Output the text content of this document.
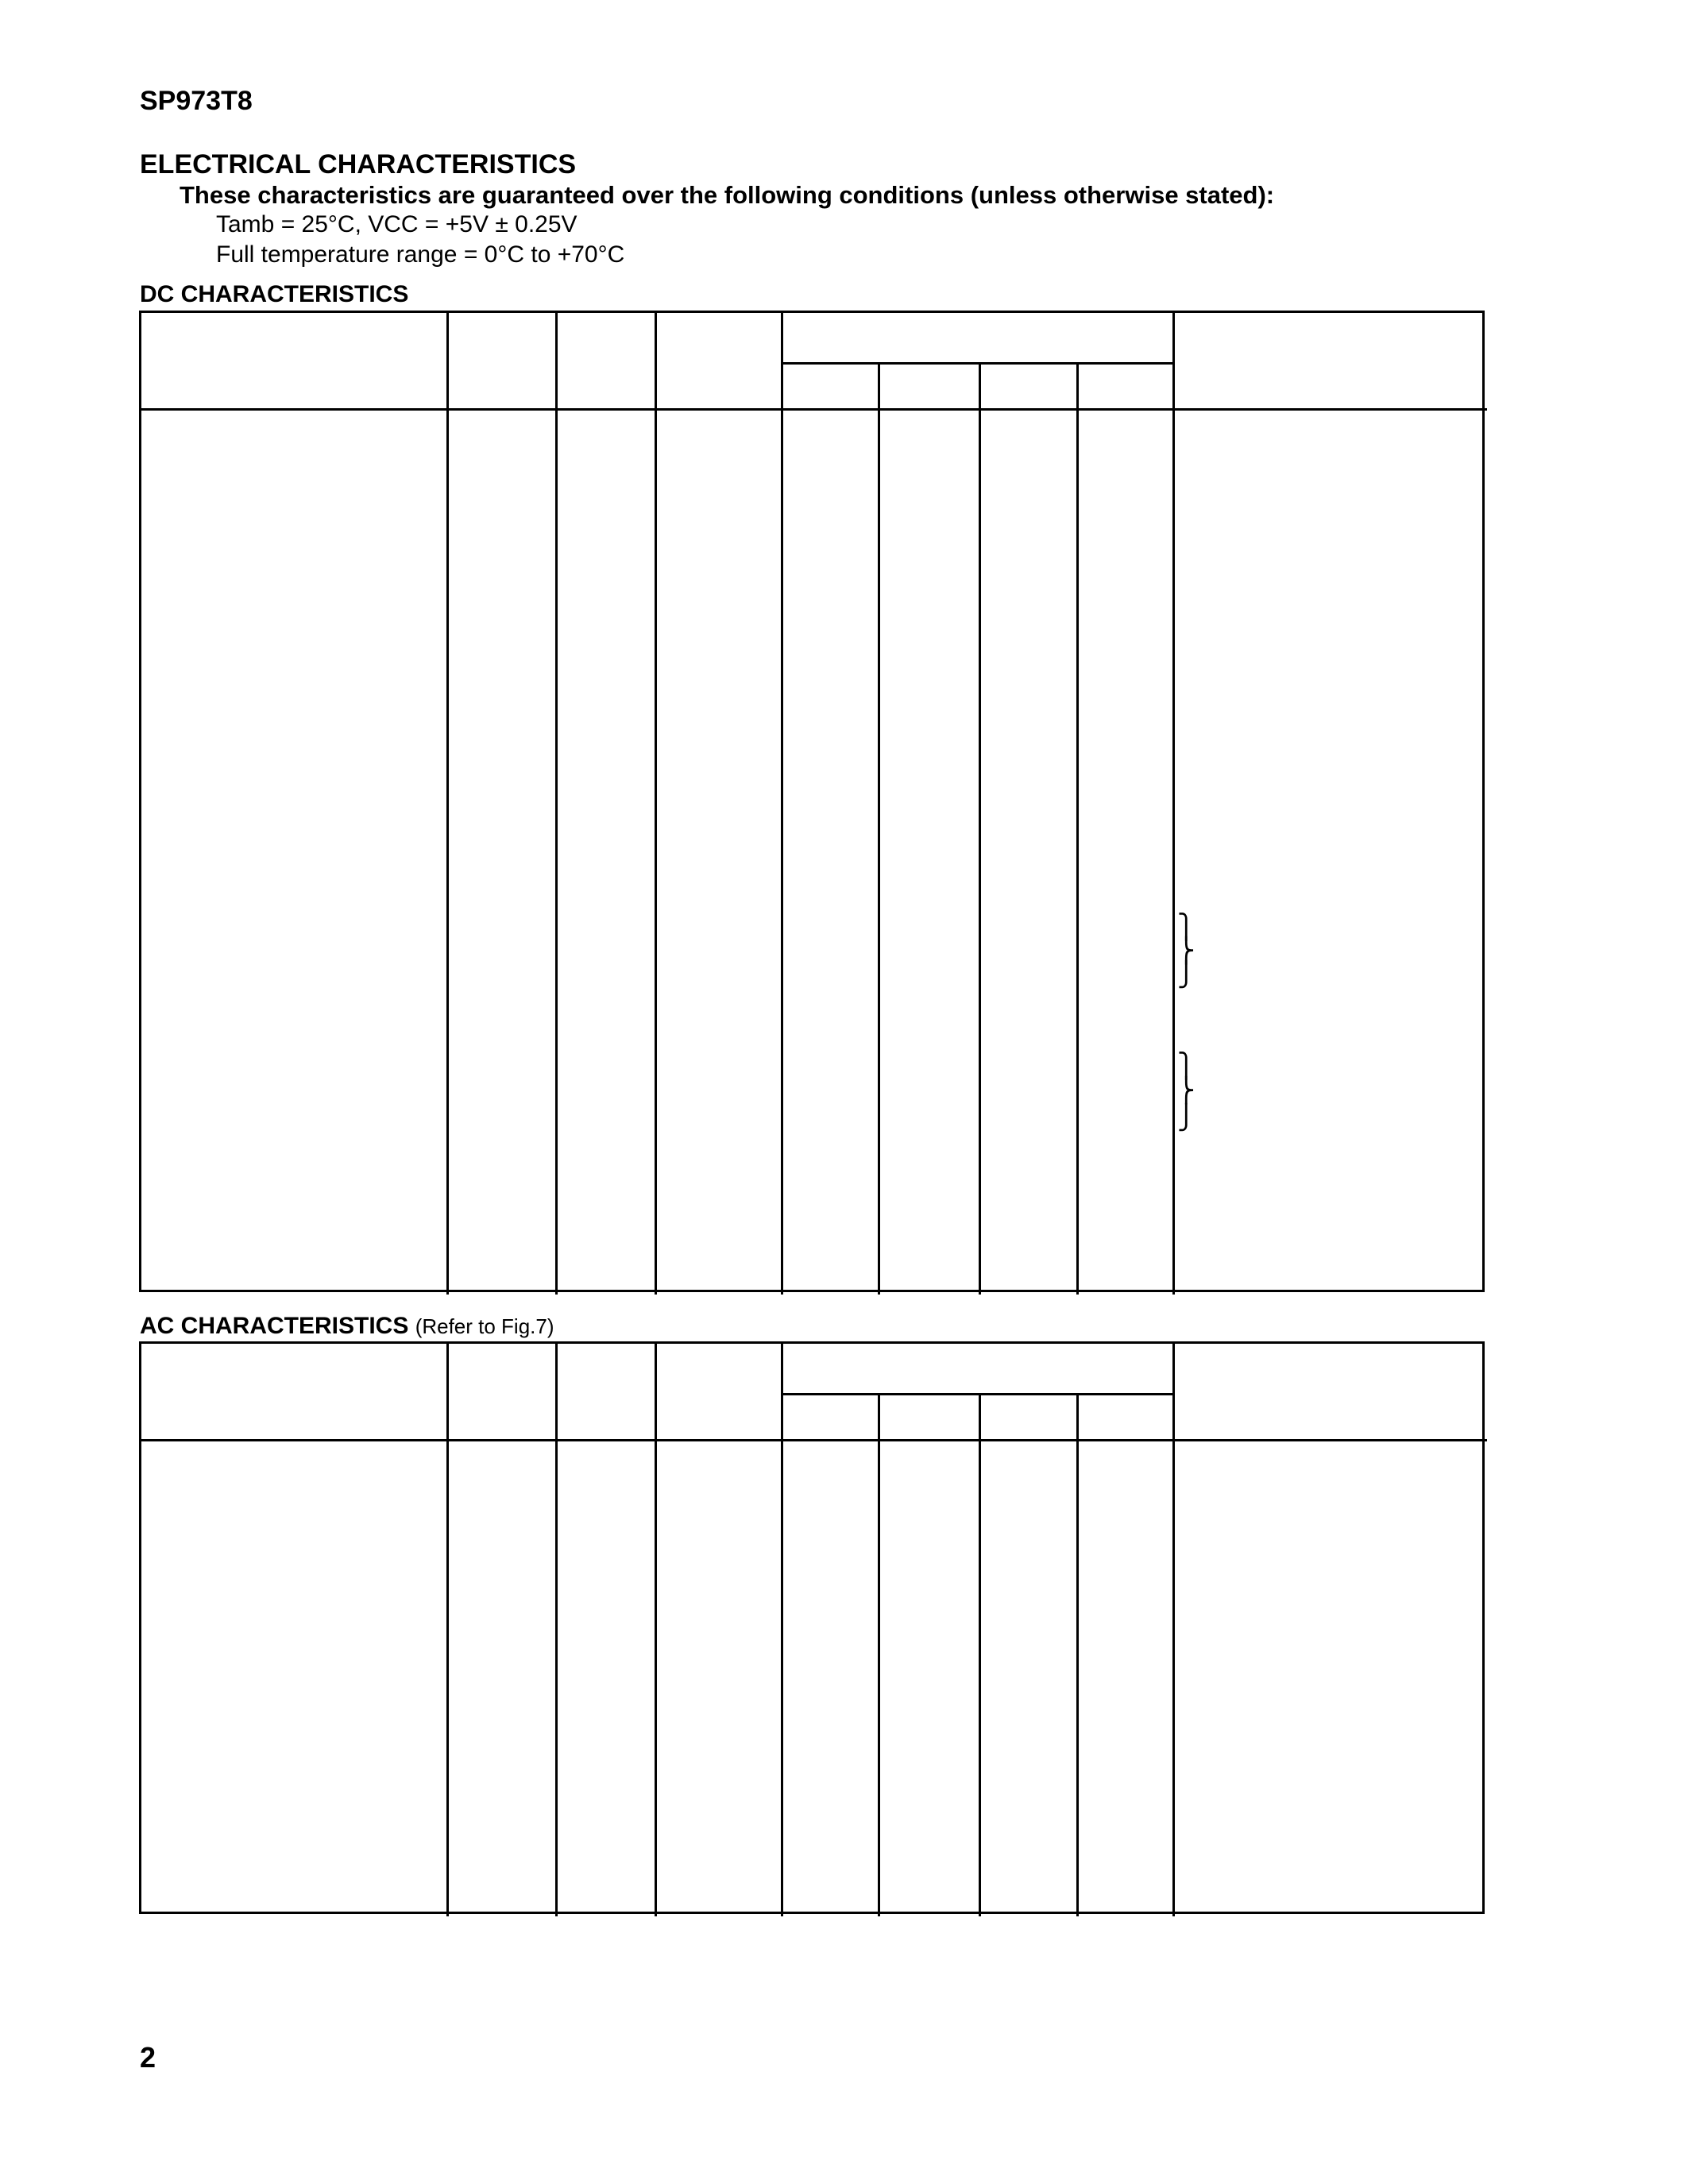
SP973T8
ELECTRICAL CHARACTERISTICS
These characteristics are guaranteed over the following conditions (unless otherwise stated):
Tamb = 25°C, VCC = +5V ± 0.25V
Full temperature range = 0°C to +70°C
DC CHARACTERISTICS
⎫
⎬
⎭
⎫
⎬
⎭
AC CHARACTERISTICS (Refer to Fig.7)
2
